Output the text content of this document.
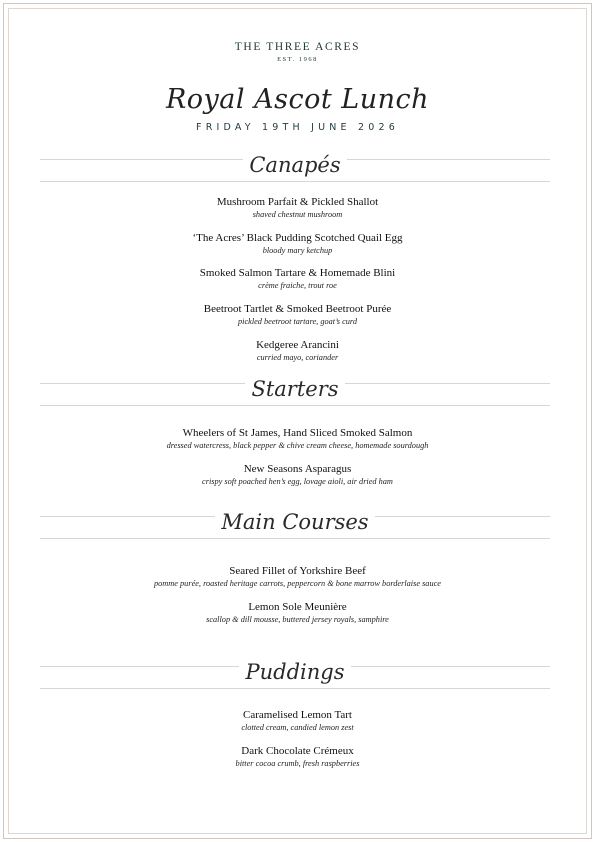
THE THREE ACRES
EST. 1968
Royal Ascot Lunch
FRIDAY 19TH JUNE 2026
Canapés
Mushroom Parfait & Pickled Shallot
shaved chestnut mushroom
‘The Acres’ Black Pudding Scotched Quail Egg
bloody mary ketchup
Smoked Salmon Tartare & Homemade Blini
crème fraiche, trout roe
Beetroot Tartlet & Smoked Beetroot Purée
pickled beetroot tartare, goat’s curd
Kedgeree Arancini
curried mayo, coriander
Starters
Wheelers of St James, Hand Sliced Smoked Salmon
dressed watercress, black pepper & chive cream cheese, homemade sourdough
New Seasons Asparagus
crispy soft poached hen’s egg, lovage aioli, air dried ham
Main Courses
Seared Fillet of Yorkshire Beef
pomme purée, roasted heritage carrots, peppercorn & bone marrow borderlaise sauce
Lemon Sole Meunière
scallop & dill mousse, buttered jersey royals, samphire
Puddings
Caramelised Lemon Tart
clotted cream, candied lemon zest
Dark Chocolate Crémeux
bitter cocoa crumb, fresh raspberries
